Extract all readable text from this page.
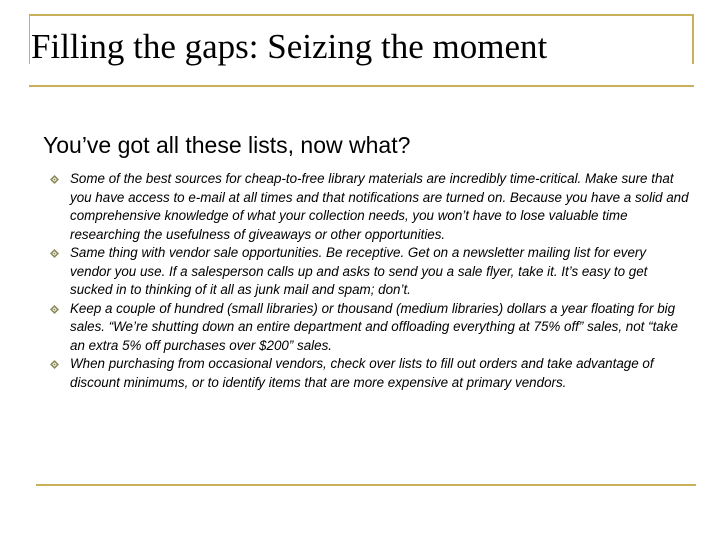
Filling the gaps: Seizing the moment
You’ve got all these lists, now what?
Some of the best sources for cheap-to-free library materials are incredibly time-critical. Make sure that you have access to e-mail at all times and that notifications are turned on. Because you have a solid and comprehensive knowledge of what your collection needs, you won’t have to lose valuable time researching the usefulness of giveaways or other opportunities.
Same thing with vendor sale opportunities. Be receptive. Get on a newsletter mailing list for every vendor you use. If a salesperson calls up and asks to send you a sale flyer, take it. It’s easy to get sucked in to thinking of it all as junk mail and spam; don’t.
Keep a couple of hundred (small libraries) or thousand (medium libraries) dollars a year floating for big sales. “We’re shutting down an entire department and offloading everything at 75% off” sales, not “take an extra 5% off purchases over $200” sales.
When purchasing from occasional vendors, check over lists to fill out orders and take advantage of discount minimums, or to identify items that are more expensive at primary vendors.
